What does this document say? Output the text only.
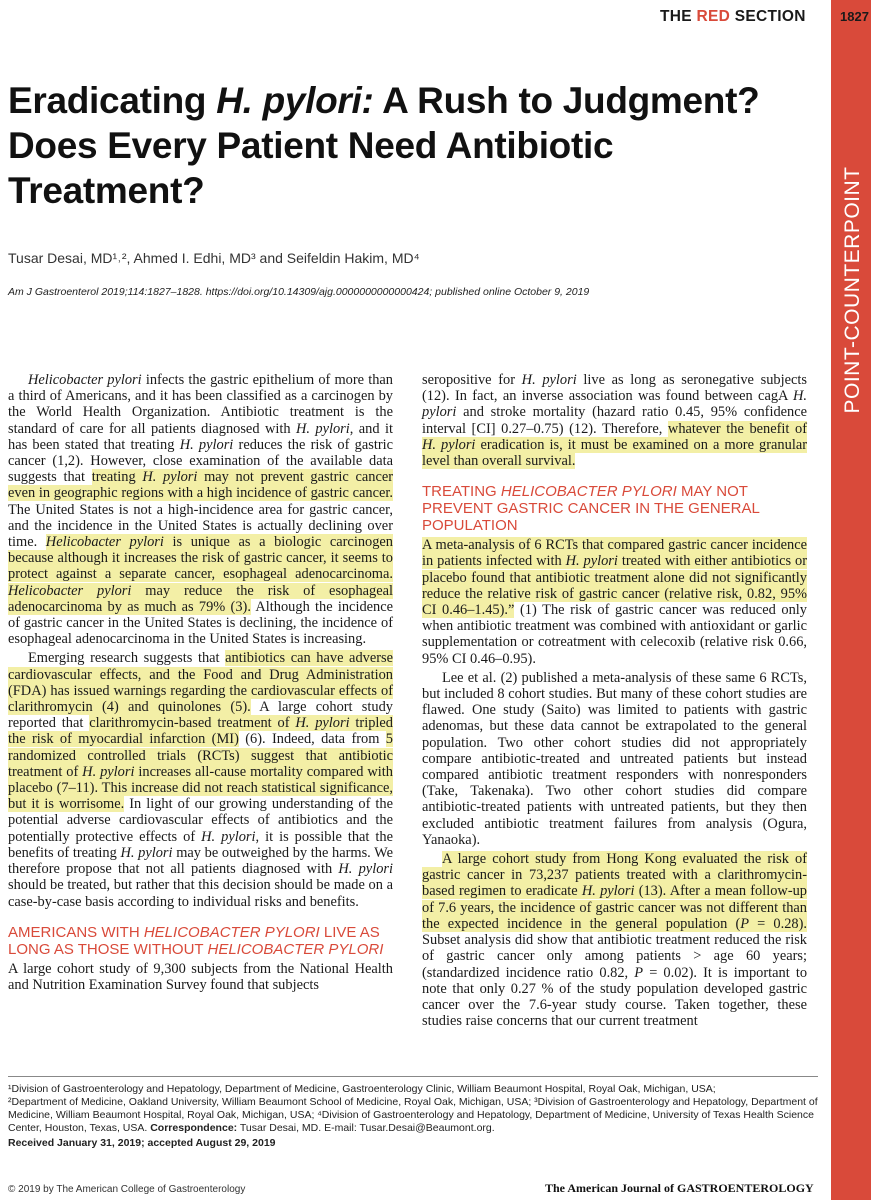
POINT-COUNTERPOINT
THE RED SECTION	1827
Eradicating H. pylori: A Rush to Judgment? Does Every Patient Need Antibiotic Treatment?
Tusar Desai, MD¹˒², Ahmed I. Edhi, MD³ and Seifeldin Hakim, MD⁴
Am J Gastroenterol 2019;114:1827–1828. https://doi.org/10.14309/ajg.0000000000000424; published online October 9, 2019

Helicobacter pylori infects the gastric epithelium of more than a third of Americans, and it has been classified as a carcinogen by the World Health Organization. Antibiotic treatment is the standard of care for all patients diagnosed with H. pylori, and it has been stated that treating H. pylori reduces the risk of gastric cancer (1,2). However, close examination of the available data suggests that treating H. pylori may not prevent gastric cancer even in geographic regions with a high incidence of gastric cancer. The United States is not a high-incidence area for gastric cancer, and the incidence in the United States is actually declining over time. Helicobacter pylori is unique as a biologic carcinogen because although it increases the risk of gastric cancer, it seems to protect against a separate cancer, esophageal adenocarcinoma. Helicobacter pylori may reduce the risk of esophageal adenocarcinoma by as much as 79% (3). Although the incidence of gastric cancer in the United States is declining, the incidence of esophageal adenocarcinoma in the United States is increasing.

Emerging research suggests that antibiotics can have adverse cardiovascular effects, and the Food and Drug Administration (FDA) has issued warnings regarding the cardiovascular effects of clarithromycin (4) and quinolones (5). A large cohort study reported that clarithromycin-based treatment of H. pylori tripled the risk of myocardial infarction (MI) (6). Indeed, data from 5 randomized controlled trials (RCTs) suggest that antibiotic treatment of H. pylori increases all-cause mortality compared with placebo (7–11). This increase did not reach statistical significance, but it is worrisome. In light of our growing understanding of the potential adverse cardiovascular effects of antibiotics and the potentially protective effects of H. pylori, it is possible that the benefits of treating H. pylori may be outweighed by the harms. We therefore propose that not all patients diagnosed with H. pylori should be treated, but rather that this decision should be made on a case-by-case basis according to individual risks and benefits.

AMERICANS WITH HELICOBACTER PYLORI LIVE AS LONG AS THOSE WITHOUT HELICOBACTER PYLORI

A large cohort study of 9,300 subjects from the National Health and Nutrition Examination Survey found that subjects

seropositive for H. pylori live as long as seronegative subjects (12). In fact, an inverse association was found between cagA H. pylori and stroke mortality (hazard ratio 0.45, 95% confidence interval [CI] 0.27–0.75) (12). Therefore, whatever the benefit of H. pylori eradication is, it must be examined on a more granular level than overall survival.

TREATING HELICOBACTER PYLORI MAY NOT PREVENT GASTRIC CANCER IN THE GENERAL POPULATION

A meta-analysis of 6 RCTs that compared gastric cancer incidence in patients infected with H. pylori treated with either antibiotics or placebo found that antibiotic treatment alone did not significantly reduce the relative risk of gastric cancer (relative risk, 0.82, 95% CI 0.46–1.45).” (1) The risk of gastric cancer was reduced only when antibiotic treatment was combined with antioxidant or garlic supplementation or cotreatment with celecoxib (relative risk 0.66, 95% CI 0.46–0.95).

Lee et al. (2) published a meta-analysis of these same 6 RCTs, but included 8 cohort studies. But many of these cohort studies are flawed. One study (Saito) was limited to patients with gastric adenomas, but these data cannot be extrapolated to the general population. Two other cohort studies did not appropriately compare antibiotic-treated and untreated patients but instead compared antibiotic treatment responders with nonresponders (Take, Takenaka). Two other cohort studies did compare antibiotic-treated patients with untreated patients, but they then excluded antibiotic treatment failures from analysis (Ogura, Yanaoka).

A large cohort study from Hong Kong evaluated the risk of gastric cancer in 73,237 patients treated with a clarithromycin-based regimen to eradicate H. pylori (13). After a mean follow-up of 7.6 years, the incidence of gastric cancer was not different than the expected incidence in the general population (P = 0.28). Subset analysis did show that antibiotic treatment reduced the risk of gastric cancer only among patients > age 60 years; (standardized incidence ratio 0.82, P = 0.02). It is important to note that only 0.27 % of the study population developed gastric cancer over the 7.6-year study course. Taken together, these studies raise concerns that our current treatment

¹Division of Gastroenterology and Hepatology, Department of Medicine, Gastroenterology Clinic, William Beaumont Hospital, Royal Oak, Michigan, USA;

²Department of Medicine, Oakland University, William Beaumont School of Medicine, Royal Oak, Michigan, USA; ³Division of Gastroenterology and Hepatology, Department of Medicine, William Beaumont Hospital, Royal Oak, Michigan, USA; ⁴Division of Gastroenterology and Hepatology, Department of Medicine, University of Texas Health Science Center, Houston, Texas, USA. Correspondence: Tusar Desai, MD. E-mail: Tusar.Desai@Beaumont.org.

Received January 31, 2019; accepted August 29, 2019

© 2019 by The American College of Gastroenterology	The American Journal of GASTROENTEROLOGY
